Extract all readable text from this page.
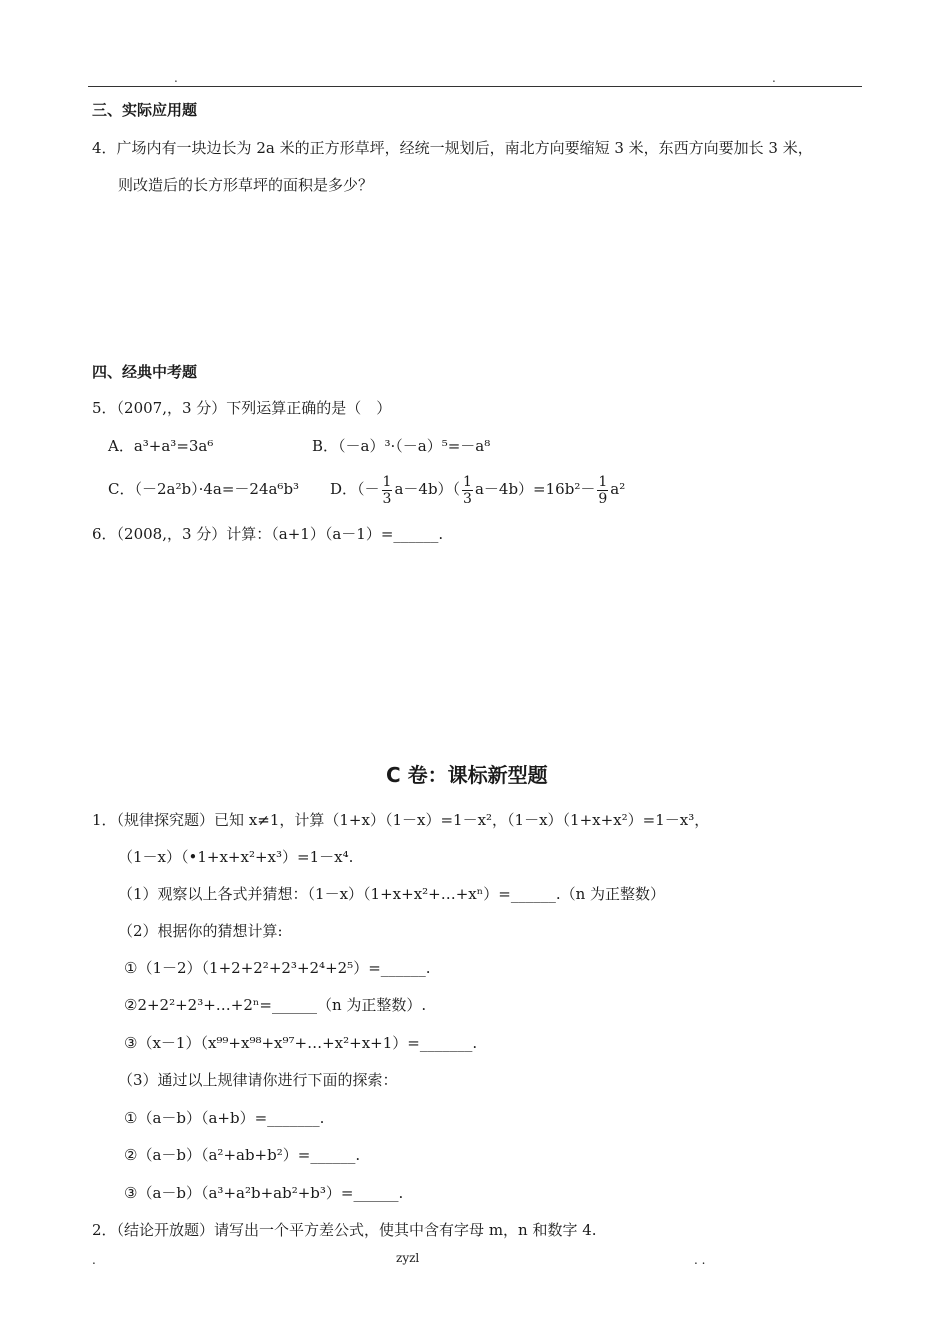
.	.
三、实际应用题
4．广场内有一块边长为 2a 米的正方形草坪，经统一规划后，南北方向要缩短 3 米，东西方向要加长 3 米，
则改造后的长方形草坪的面积是多少？
四、经典中考题
5．（2007,，3 分）下列运算正确的是（　）
A．a³+a³=3a⁶	B．（－a）³·（－a）⁵=－a⁸
C．（－2a²b）·4a=－24a⁶b³ D．（－ $\frac{1}{3} a-4b)( \frac{1}{3} a-4b)=16b^2- \frac{1}{9} a^2$
6．（2008,，3 分）计算：（a+1）（a－1）=______.
C 卷：课标新型题
1．（规律探究题）已知 x≠1，计算（1+x）（1－x）=1－x²，（1－x）（1+x+x²）=1－x³，
（1－x）（•1+x+x²+x³）=1－x⁴.
（1）观察以上各式并猜想：（1－x）（1+x+x²+…+xⁿ）=______.（n 为正整数）
（2）根据你的猜想计算:
①（1－2）（1+2+2²+2³+2⁴+2⁵）=______.
②2+2²+2³+…+2ⁿ=______（n 为正整数）.
③（x－1）（x⁹⁹+x⁹⁸+x⁹⁷+…+x²+x+1）=_______.
（3）通过以上规律请你进行下面的探索：
①（a－b）（a+b）=_______.
②（a－b）（a²+ab+b²）=______.
③（a－b）（a³+a²b+ab²+b³）=______.
2．（结论开放题）请写出一个平方差公式，使其中含有字母 m，n 和数字 4.
.	zyzl	. .
